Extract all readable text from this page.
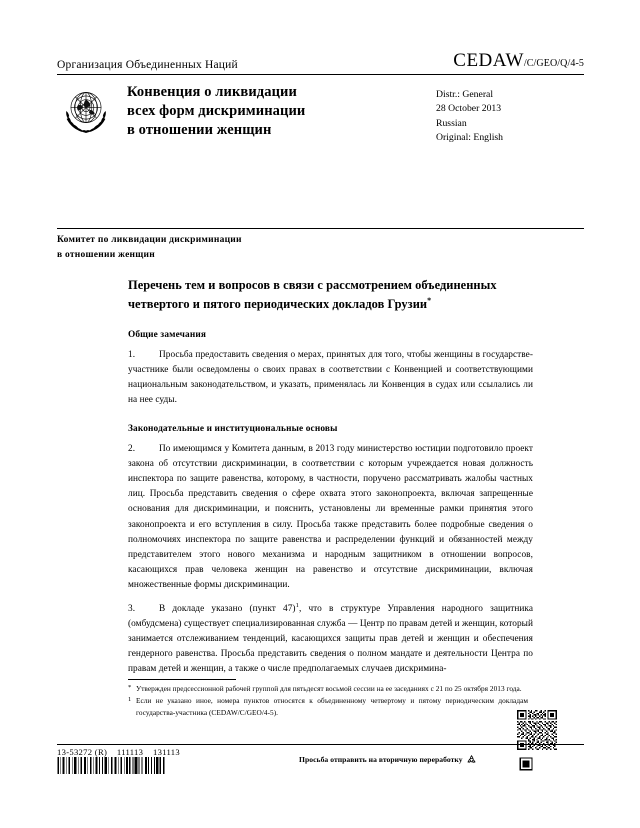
Организация Объединенных Наций	CEDAW /C/GEO/Q/4-5
Конвенция о ликвидации
всех форм дискриминации
в отношении женщин
Distr.: General
28 October 2013
Russian
Original: English
Комитет по ликвидации дискриминации
в отношении женщин
Перечень тем и вопросов в связи с рассмотрением объединенных четвертого и пятого периодических докладов Грузии*
Общие замечания

1.	Просьба предоставить сведения о мерах, принятых для того, чтобы женщины в государстве-участнике были осведомлены о своих правах в соответствии с Конвенцией и соответствующими национальным законодательством, и указать, применялась ли Конвенция в судах или ссылались ли на нее суды.

Законодательные и институциональные основы

2.	По имеющимся у Комитета данным, в 2013 году министерство юстиции подготовило проект закона об отсутствии дискриминации, в соответствии с которым учреждается новая должность инспектора по защите равенства, которому, в частности, поручено рассматривать жалобы частных лиц. Просьба представить сведения о сфере охвата этого законопроекта, включая запрещенные основания для дискриминации, и пояснить, установлены ли временные рамки принятия этого законопроекта и его вступления в силу. Просьба также представить более подробные сведения о полномочиях инспектора по защите равенства и распределении функций и обязанностей между представителем этого нового механизма и народным защитником в отношении вопросов, касающихся прав человека женщин на равенство и отсутствие дискриминации, включая множественные формы дискриминации.

3.	В докладе указано (пункт 47)$^1$, что в структуре Управления народного защитника (омбудсмена) существует специализированная служба — Центр по правам детей и женщин, который занимается отслеживанием тенденций, касающихся защиты прав детей и женщин и обеспечения гендерного равенства. Просьба представить сведения о полном мандате и деятельности Центра по правам детей и женщин, а также о числе предполагаемых случаев дискримина-

* Утвержден предсессионной рабочей группой для пятьдесят восьмой сессии на ее заседаниях с 21 по 25 октября 2013 года.
1 Если не указано иное, номера пунктов относятся к объединенному четвертому и пятому периодическим докладам государства-участника (CEDAW/C/GEO/4-5).
13-53272 (R)    111113    131113
Просьба отправить на вторичную переработку
